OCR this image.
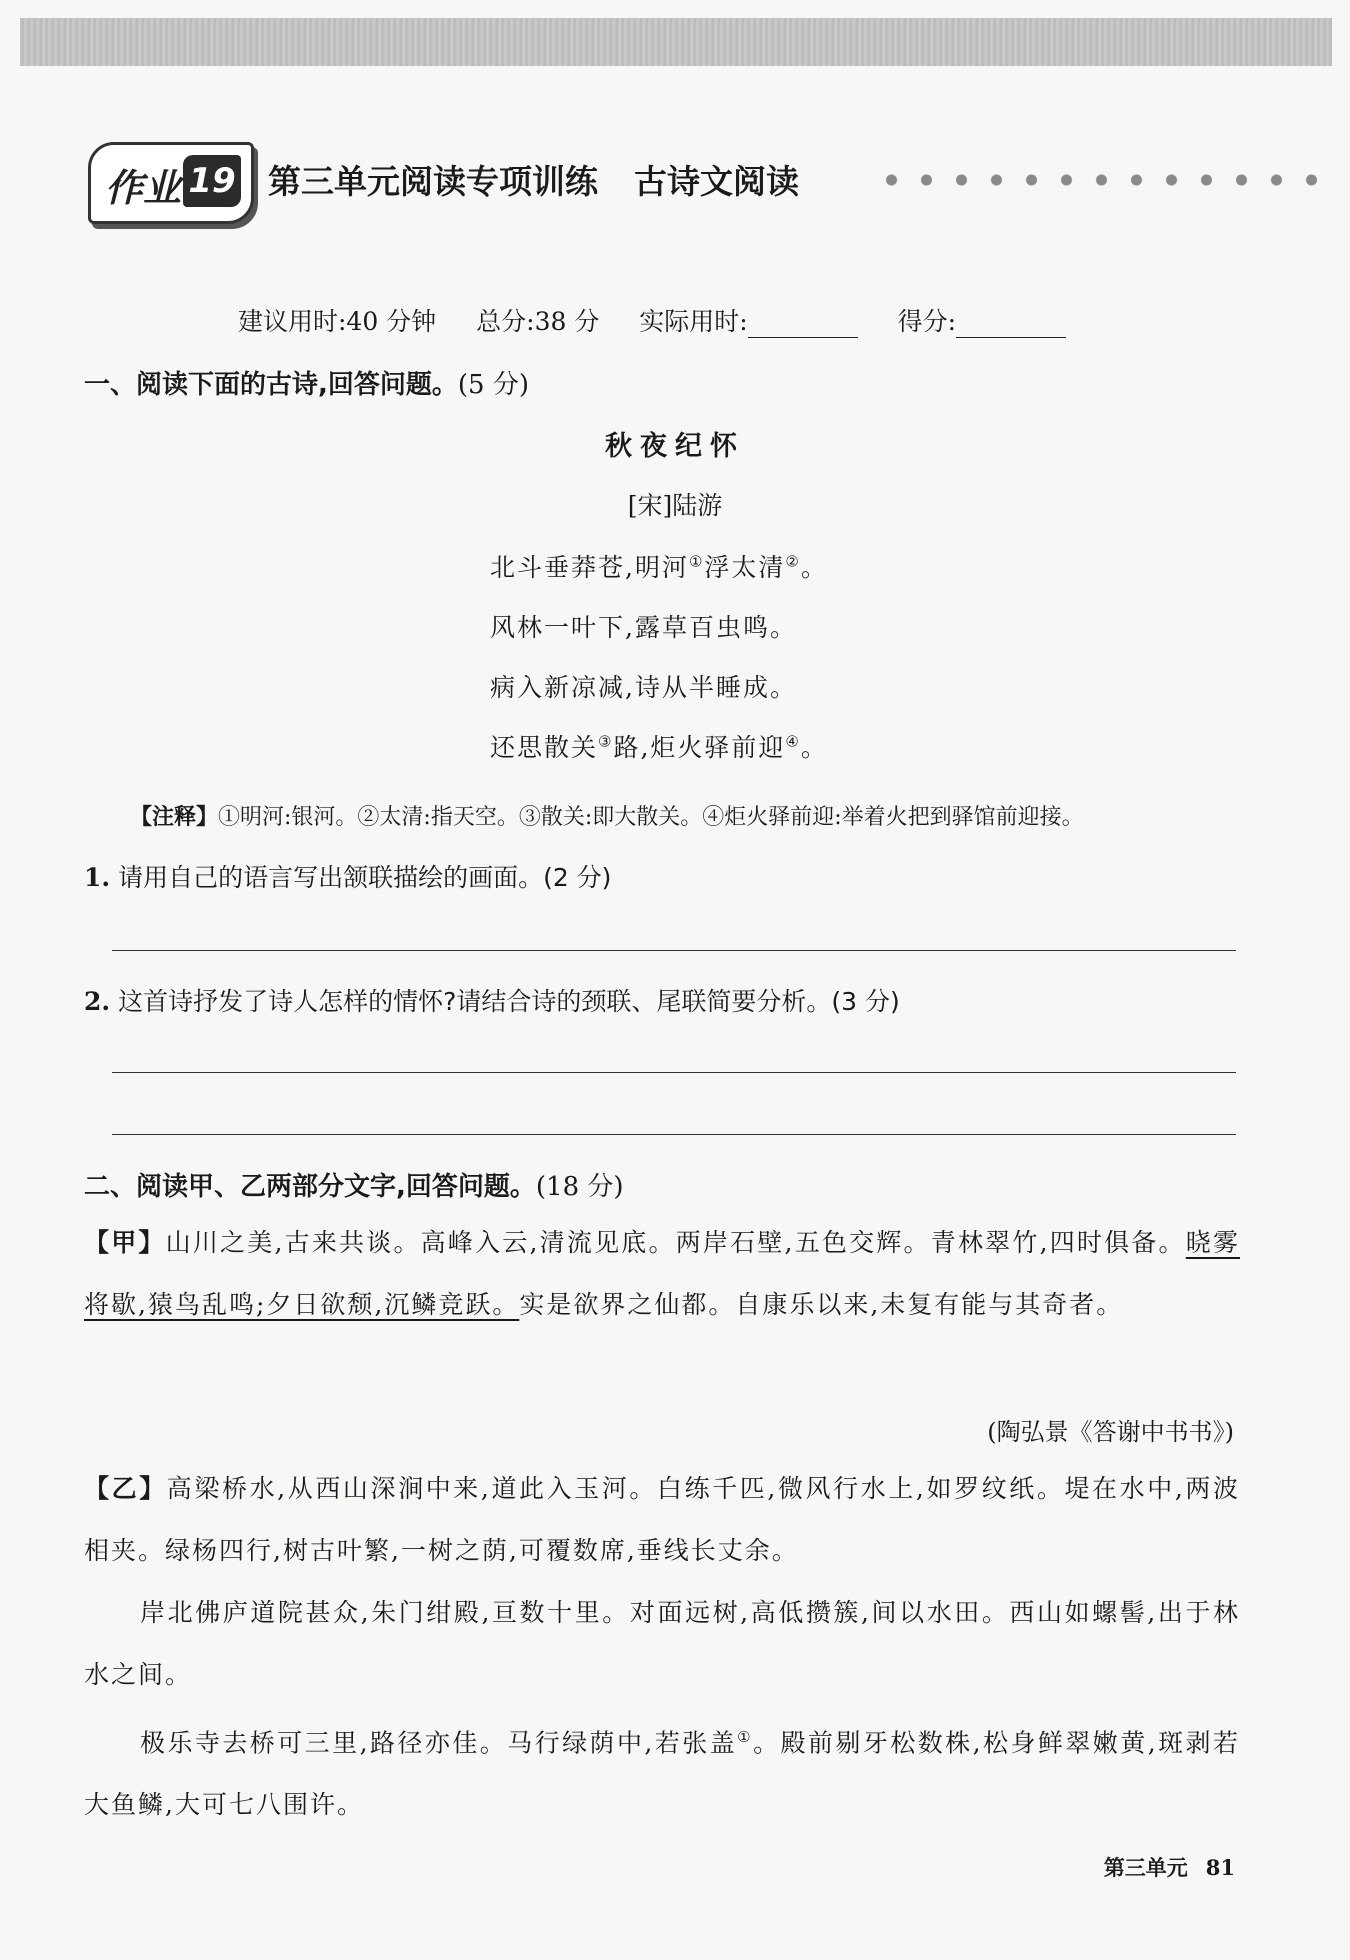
作业 19 第三单元阅读专项训练 古诗文阅读
建议用时:40 分钟 总分:38 分 实际用时:	得分:
一、阅读下面的古诗,回答问题。(5 分)
秋夜纪怀
[宋]陆游
北斗垂莽苍,明河①浮太清②。
风林一叶下,露草百虫鸣。
病入新凉减,诗从半睡成。
还思散关③路,炬火驿前迎④。
【注释】①明河:银河。②太清:指天空。③散关:即大散关。④炬火驿前迎:举着火把到驿馆前迎接。
1. 请用自己的语言写出颔联描绘的画面。(2 分)
2. 这首诗抒发了诗人怎样的情怀?请结合诗的颈联、尾联简要分析。(3 分)
二、阅读甲、乙两部分文字,回答问题。(18 分)
【甲】山川之美,古来共谈。高峰入云,清流见底。两岸石壁,五色交辉。青林翠竹,四时俱备。晓雾将歇,猿鸟乱鸣;夕日欲颓,沉鳞竞跃。实是欲界之仙都。自康乐以来,未复有能与其奇者。
(陶弘景《答谢中书书》)
【乙】高梁桥水,从西山深涧中来,道此入玉河。白练千匹,微风行水上,如罗纹纸。堤在水中,两波相夹。绿杨四行,树古叶繁,一树之荫,可覆数席,垂线长丈余。
岸北佛庐道院甚众,朱门绀殿,亘数十里。对面远树,高低攒簇,间以水田。西山如螺髻,出于林水之间。
极乐寺去桥可三里,路径亦佳。马行绿荫中,若张盖①。殿前剔牙松数株,松身鲜翠嫩黄,斑剥若大鱼鳞,大可七八围许。
第三单元 81
